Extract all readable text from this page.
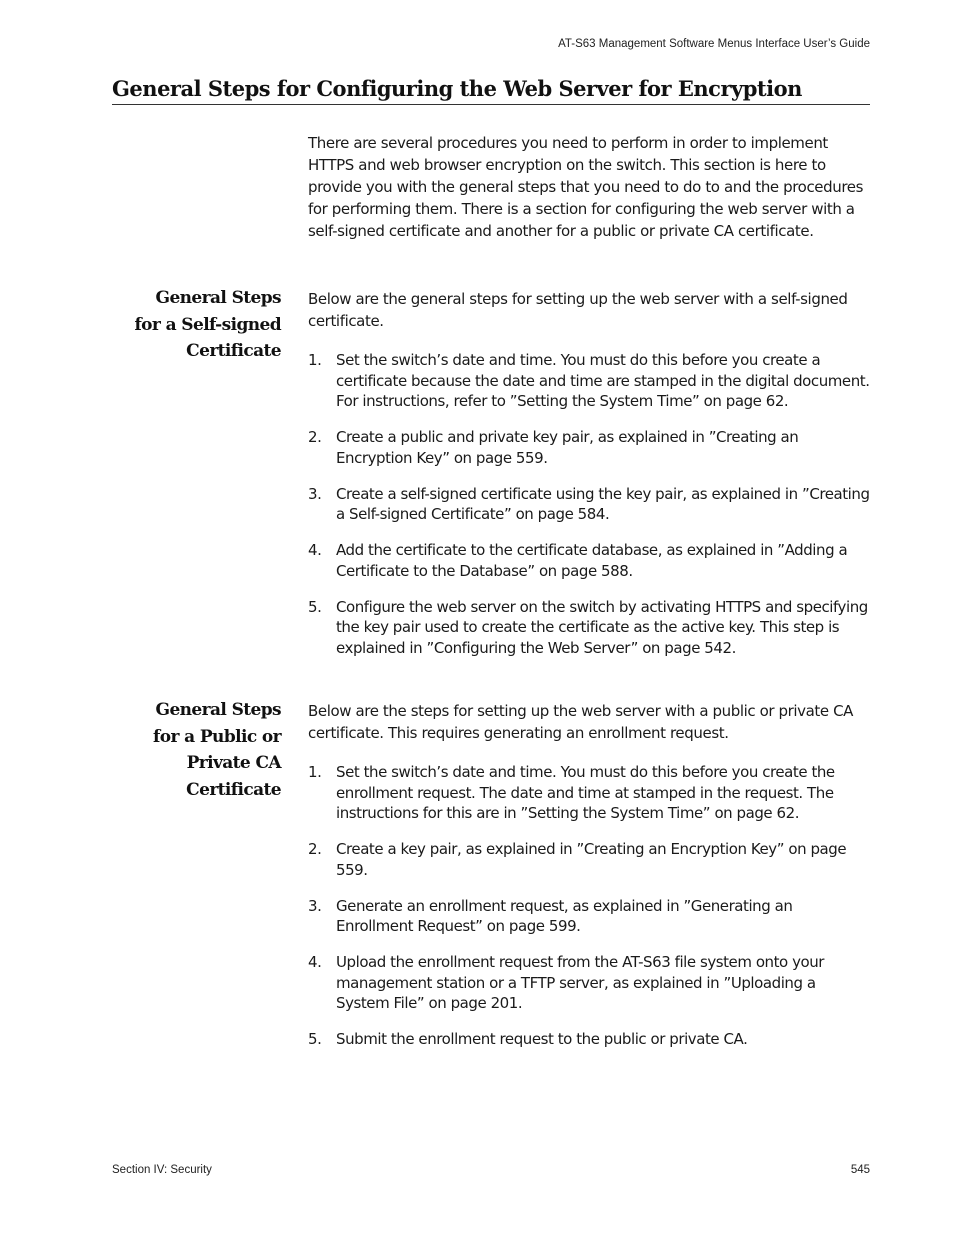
AT-S63 Management Software Menus Interface User’s Guide
General Steps for Configuring the Web Server for Encryption

There are several procedures you need to perform in order to implement HTTPS and web browser encryption on the switch. This section is here to provide you with the general steps that you need to do to and the procedures for performing them. There is a section for configuring the web server with a self-signed certificate and another for a public or private CA certificate.

General Steps
for a Self-signed
Certificate

Below are the general steps for setting up the web server with a self-signed certificate.

1. Set the switch’s date and time. You must do this before you create a certificate because the date and time are stamped in the digital document. For instructions, refer to ”Setting the System Time” on page 62.
2. Create a public and private key pair, as explained in ”Creating an Encryption Key” on page 559.
3. Create a self-signed certificate using the key pair, as explained in ”Creating a Self-signed Certificate” on page 584.
4. Add the certificate to the certificate database, as explained in ”Adding a Certificate to the Database” on page 588.
5. Configure the web server on the switch by activating HTTPS and specifying the key pair used to create the certificate as the active key. This step is explained in ”Configuring the Web Server” on page 542.
General Steps
for a Public or
Private CA
Certificate

Below are the steps for setting up the web server with a public or private CA certificate. This requires generating an enrollment request.

1. Set the switch’s date and time. You must do this before you create the enrollment request. The date and time at stamped in the request. The instructions for this are in ”Setting the System Time” on page 62.
2. Create a key pair, as explained in ”Creating an Encryption Key” on page 559.
3. Generate an enrollment request, as explained in ”Generating an Enrollment Request” on page 599.
4. Upload the enrollment request from the AT-S63 file system onto your management station or a TFTP server, as explained in ”Uploading a System File” on page 201.
5. Submit the enrollment request to the public or private CA.
Section IV: Security	545
